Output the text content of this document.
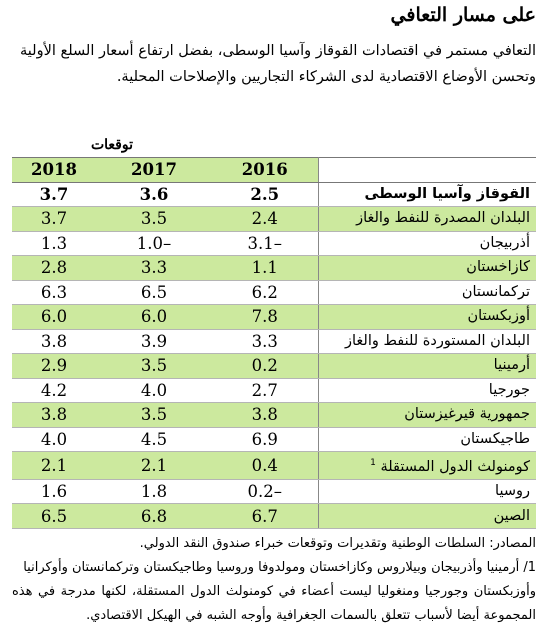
على مسار التعافي
التعافي مستمر في اقتصادات القوقاز وآسيا الوسطى، بفضل ارتفاع أسعار السلع الأولية وتحسن الأوضاع الاقتصادية لدى الشركاء التجاريين والإصلاحات المحلية.
توقعات			
2018	2017	2016	
3.7	3.6	2.5	القوقاز وآسيا الوسطى
3.7	3.5	2.4	البلدان المصدرة للنفط والغاز
1.3	1.0–	3.1–	أذربيجان
2.8	3.3	1.1	كازاخستان
6.3	6.5	6.2	تركمانستان
6.0	6.0	7.8	أوزبكستان
3.8	3.9	3.3	البلدان المستوردة للنفط والغاز
2.9	3.5	0.2	أرمينيا
4.2	4.0	2.7	جورجيا
3.8	3.5	3.8	جمهورية قيرغيزستان
4.0	4.5	6.9	طاجيكستان
2.1	2.1	0.4	كومنولث الدول المستقلة $^1$
1.6	1.8	0.2–	روسيا
6.5	6.8	6.7	الصين
المصادر: السلطات الوطنية وتقديرات وتوقعات خبراء صندوق النقد الدولي.
1/ أرمينيا وأذربيجان وبيلاروس وكازاخستان ومولدوفا وروسيا وطاجيكستان وتركمانستان وأوكرانيا
وأوزبكستان وجورجيا ومنغوليا ليست أعضاء في كومنولث الدول المستقلة، لكنها مدرجة في هذه المجموعة أيضا لأسباب تتعلق بالسمات الجغرافية وأوجه الشبه في الهيكل الاقتصادي.
